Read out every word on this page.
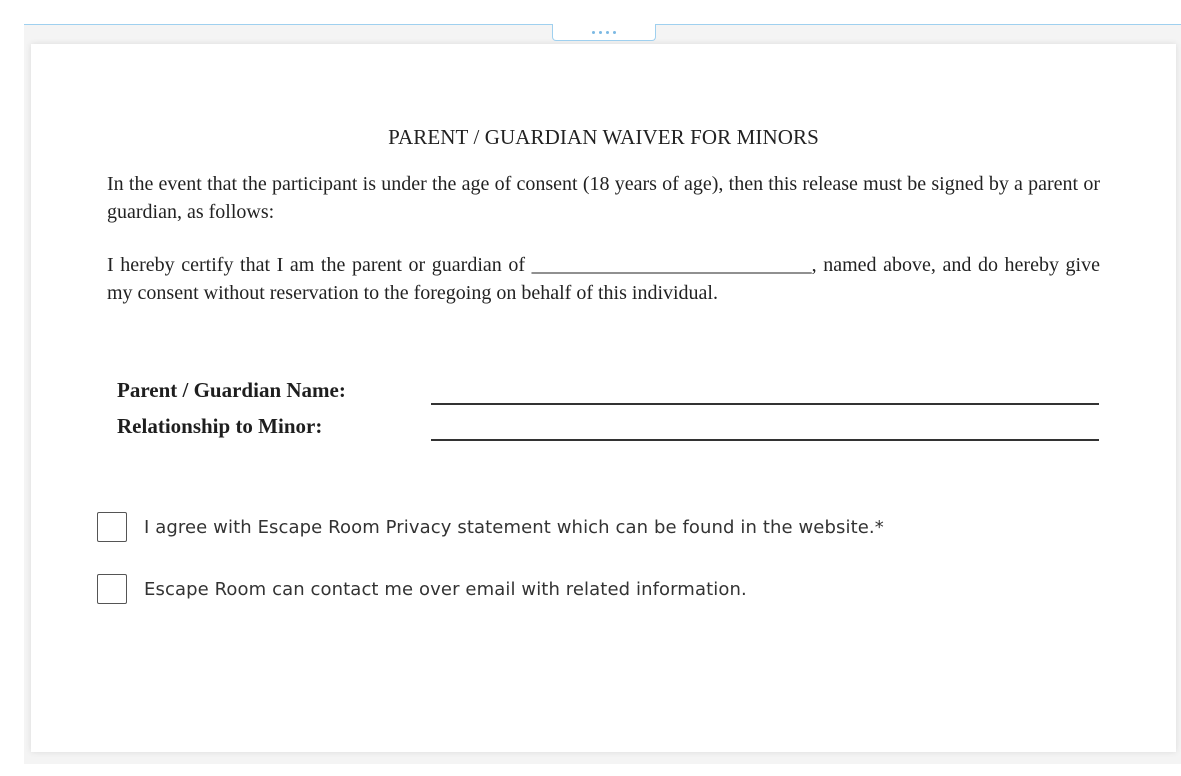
PARENT / GUARDIAN WAIVER FOR MINORS
In the event that the participant is under the age of consent (18 years of age), then this release must be signed by a parent or guardian, as follows:
I hereby certify that I am the parent or guardian of ____________________________, named above, and do hereby give my consent without reservation to the foregoing on behalf of this individual.
Parent / Guardian Name:
Relationship to Minor:
I agree with Escape Room Privacy statement which can be found in the website.*
Escape Room can contact me over email with related information.
